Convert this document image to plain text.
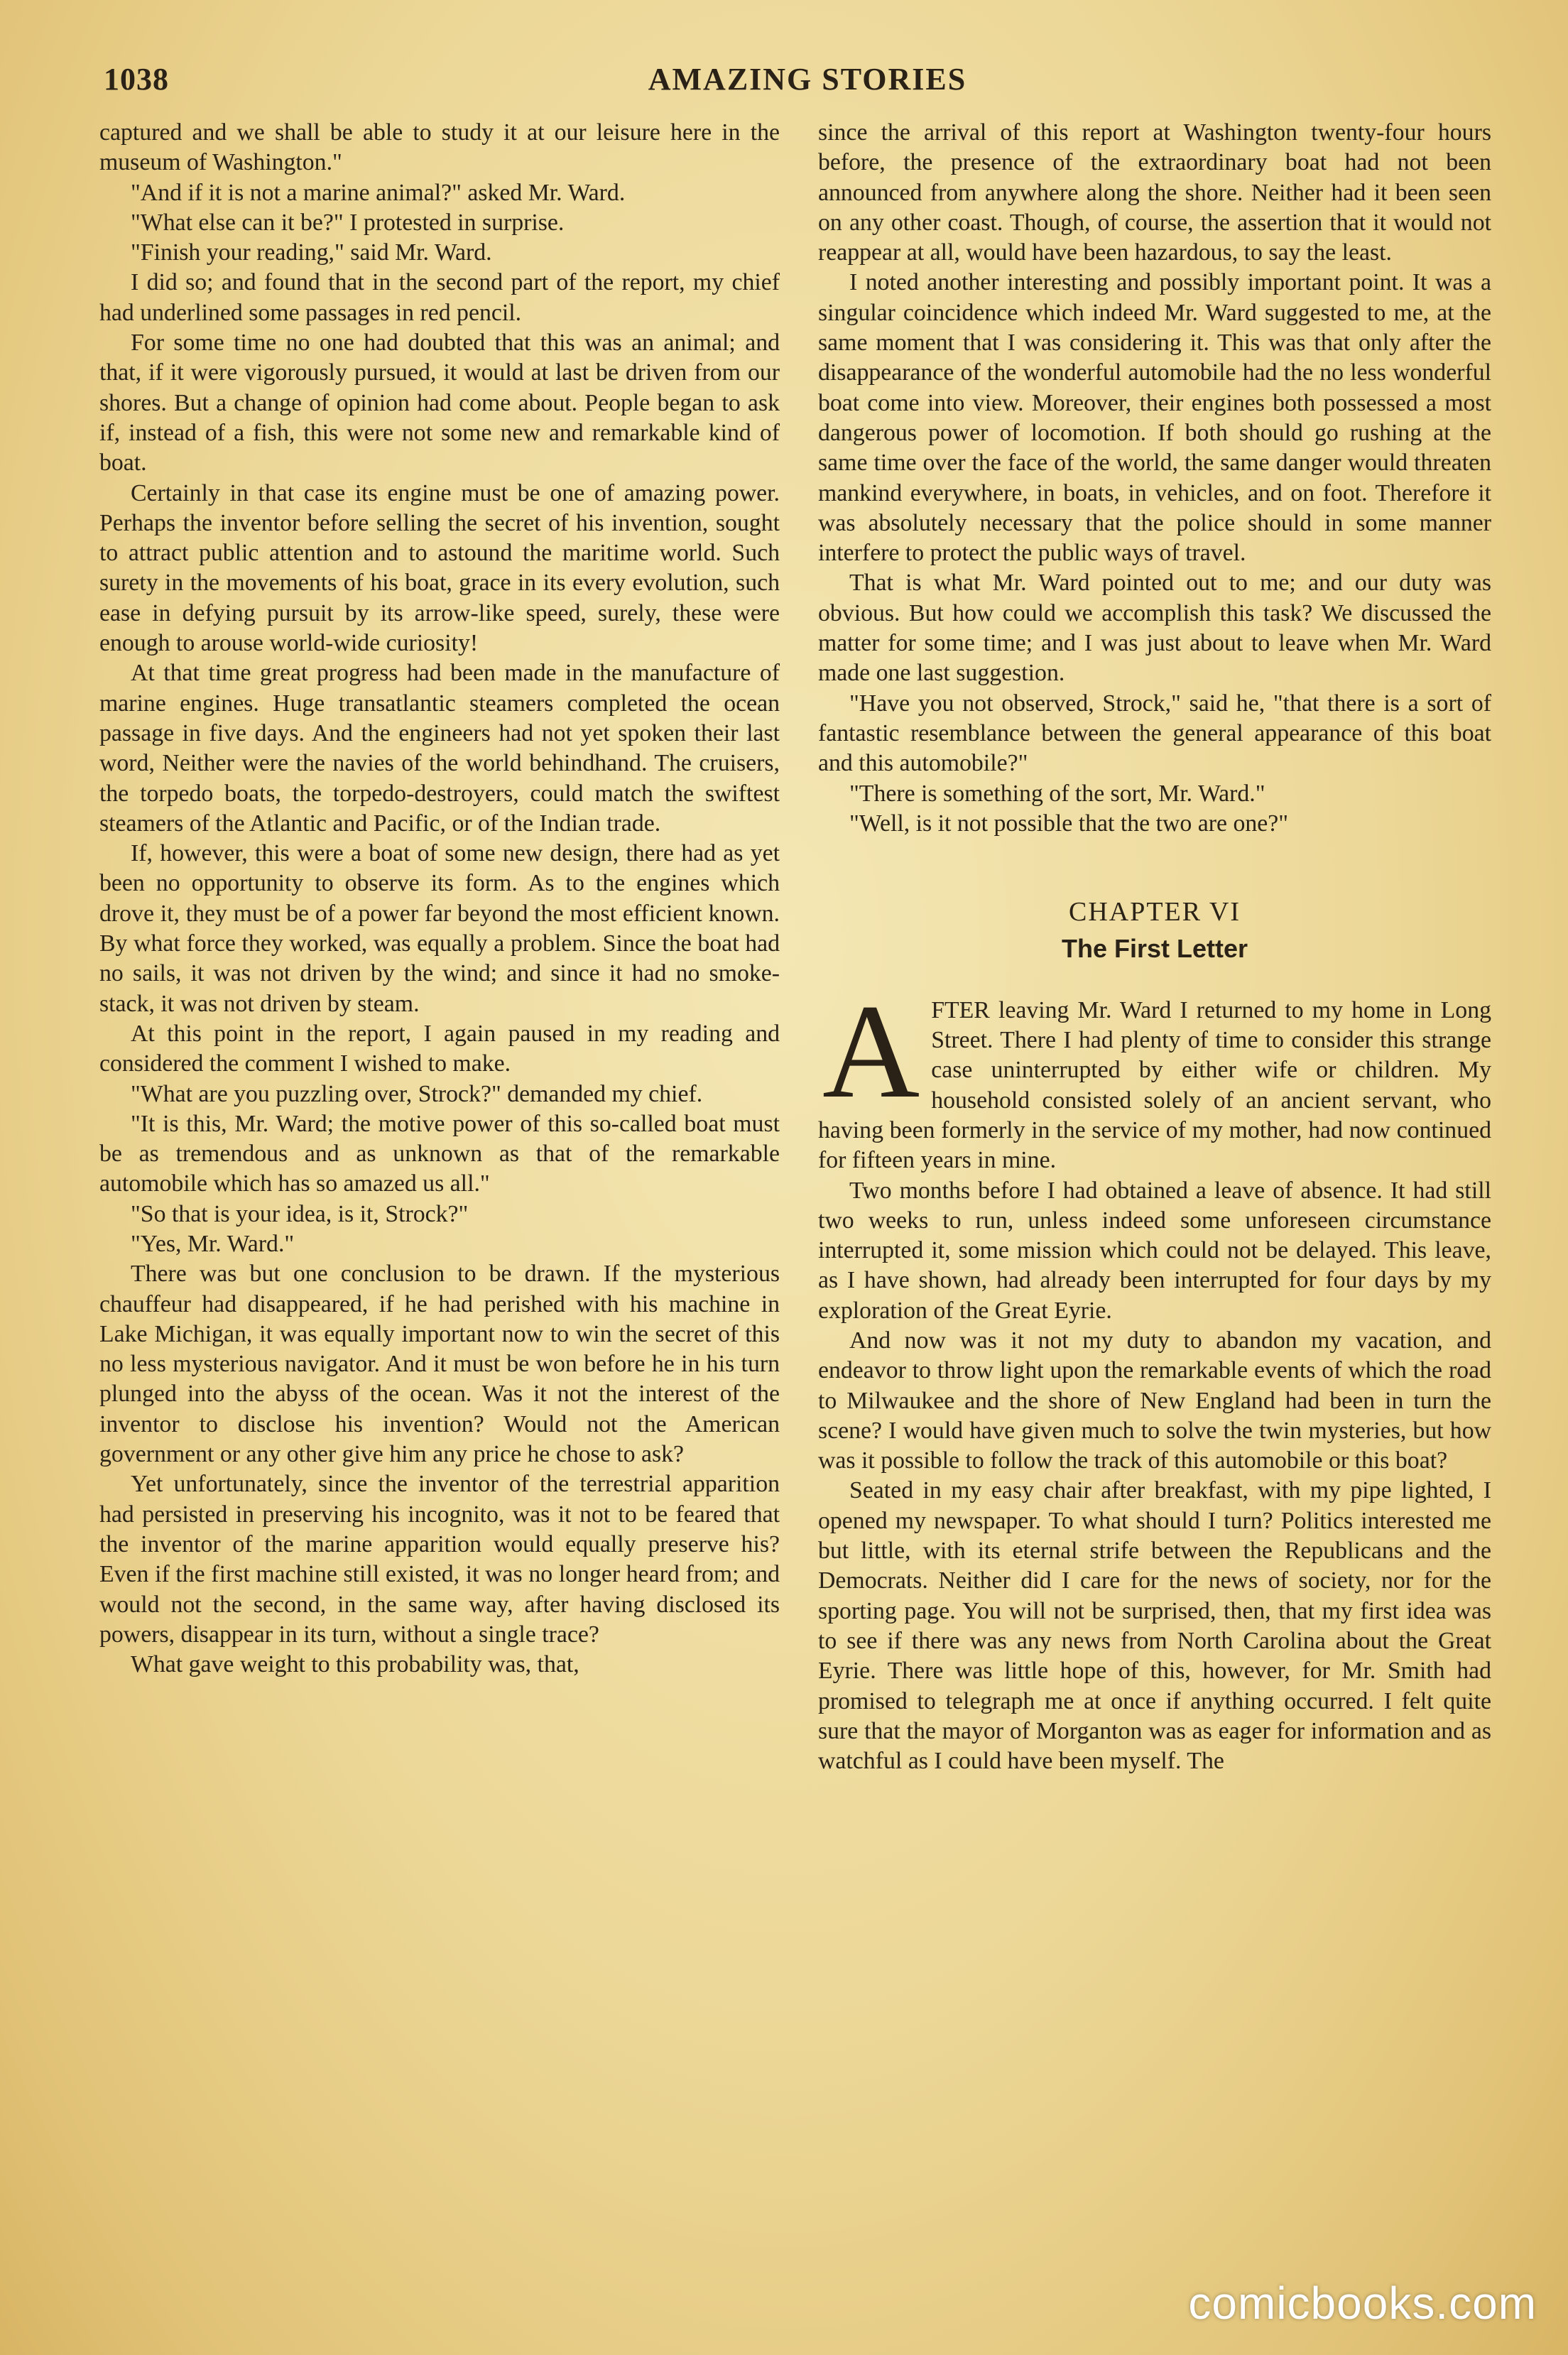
1038	AMAZING STORIES

captured and we shall be able to study it at our leisure here in the museum of Washington."

"And if it is not a marine animal?" asked Mr. Ward.

"What else can it be?" I protested in surprise.

"Finish your reading," said Mr. Ward.

I did so; and found that in the second part of the report, my chief had underlined some passages in red pencil.

For some time no one had doubted that this was an animal; and that, if it were vigorously pursued, it would at last be driven from our shores. But a change of opinion had come about. People began to ask if, instead of a fish, this were not some new and remarkable kind of boat.

Certainly in that case its engine must be one of amazing power. Perhaps the inventor before selling the secret of his invention, sought to attract public attention and to astound the maritime world. Such surety in the movements of his boat, grace in its every evolution, such ease in defying pursuit by its arrow-like speed, surely, these were enough to arouse world-wide curiosity!

At that time great progress had been made in the manufacture of marine engines. Huge transatlantic steamers completed the ocean passage in five days. And the engineers had not yet spoken their last word, Neither were the navies of the world behindhand. The cruisers, the torpedo boats, the torpedo-destroyers, could match the swiftest steamers of the Atlantic and Pacific, or of the Indian trade.

If, however, this were a boat of some new design, there had as yet been no opportunity to observe its form. As to the engines which drove it, they must be of a power far beyond the most efficient known. By what force they worked, was equally a problem. Since the boat had no sails, it was not driven by the wind; and since it had no smoke-stack, it was not driven by steam.

At this point in the report, I again paused in my reading and considered the comment I wished to make.

"What are you puzzling over, Strock?" demanded my chief.

"It is this, Mr. Ward; the motive power of this so-called boat must be as tremendous and as unknown as that of the remarkable automobile which has so amazed us all."

"So that is your idea, is it, Strock?"

"Yes, Mr. Ward."

There was but one conclusion to be drawn. If the mysterious chauffeur had disappeared, if he had perished with his machine in Lake Michigan, it was equally important now to win the secret of this no less mysterious navigator. And it must be won before he in his turn plunged into the abyss of the ocean. Was it not the interest of the inventor to disclose his invention? Would not the American government or any other give him any price he chose to ask?

Yet unfortunately, since the inventor of the terrestrial apparition had persisted in preserving his incognito, was it not to be feared that the inventor of the marine apparition would equally preserve his? Even if the first machine still existed, it was no longer heard from; and would not the second, in the same way, after having disclosed its powers, disappear in its turn, without a single trace?

What gave weight to this probability was, that,

since the arrival of this report at Washington twenty-four hours before, the presence of the extraordinary boat had not been announced from anywhere along the shore. Neither had it been seen on any other coast. Though, of course, the assertion that it would not reappear at all, would have been hazardous, to say the least.

I noted another interesting and possibly important point. It was a singular coincidence which indeed Mr. Ward suggested to me, at the same moment that I was considering it. This was that only after the disappearance of the wonderful automobile had the no less wonderful boat come into view. Moreover, their engines both possessed a most dangerous power of locomotion. If both should go rushing at the same time over the face of the world, the same danger would threaten mankind everywhere, in boats, in vehicles, and on foot. Therefore it was absolutely necessary that the police should in some manner interfere to protect the public ways of travel.

That is what Mr. Ward pointed out to me; and our duty was obvious. But how could we accomplish this task? We discussed the matter for some time; and I was just about to leave when Mr. Ward made one last suggestion.

"Have you not observed, Strock," said he, "that there is a sort of fantastic resemblance between the general appearance of this boat and this automobile?"

"There is something of the sort, Mr. Ward."

"Well, is it not possible that the two are one?"

CHAPTER VI
The First Letter

AFTER leaving Mr. Ward I returned to my home in Long Street. There I had plenty of time to consider this strange case uninterrupted by either wife or children. My household consisted solely of an ancient servant, who having been formerly in the service of my mother, had now continued for fifteen years in mine.

Two months before I had obtained a leave of absence. It had still two weeks to run, unless indeed some unforeseen circumstance interrupted it, some mission which could not be delayed. This leave, as I have shown, had already been interrupted for four days by my exploration of the Great Eyrie.

And now was it not my duty to abandon my vacation, and endeavor to throw light upon the remarkable events of which the road to Milwaukee and the shore of New England had been in turn the scene? I would have given much to solve the twin mysteries, but how was it possible to follow the track of this automobile or this boat?

Seated in my easy chair after breakfast, with my pipe lighted, I opened my newspaper. To what should I turn? Politics interested me but little, with its eternal strife between the Republicans and the Democrats. Neither did I care for the news of society, nor for the sporting page. You will not be surprised, then, that my first idea was to see if there was any news from North Carolina about the Great Eyrie. There was little hope of this, however, for Mr. Smith had promised to telegraph me at once if anything occurred. I felt quite sure that the mayor of Morganton was as eager for information and as watchful as I could have been myself. The

comicbooks.com
